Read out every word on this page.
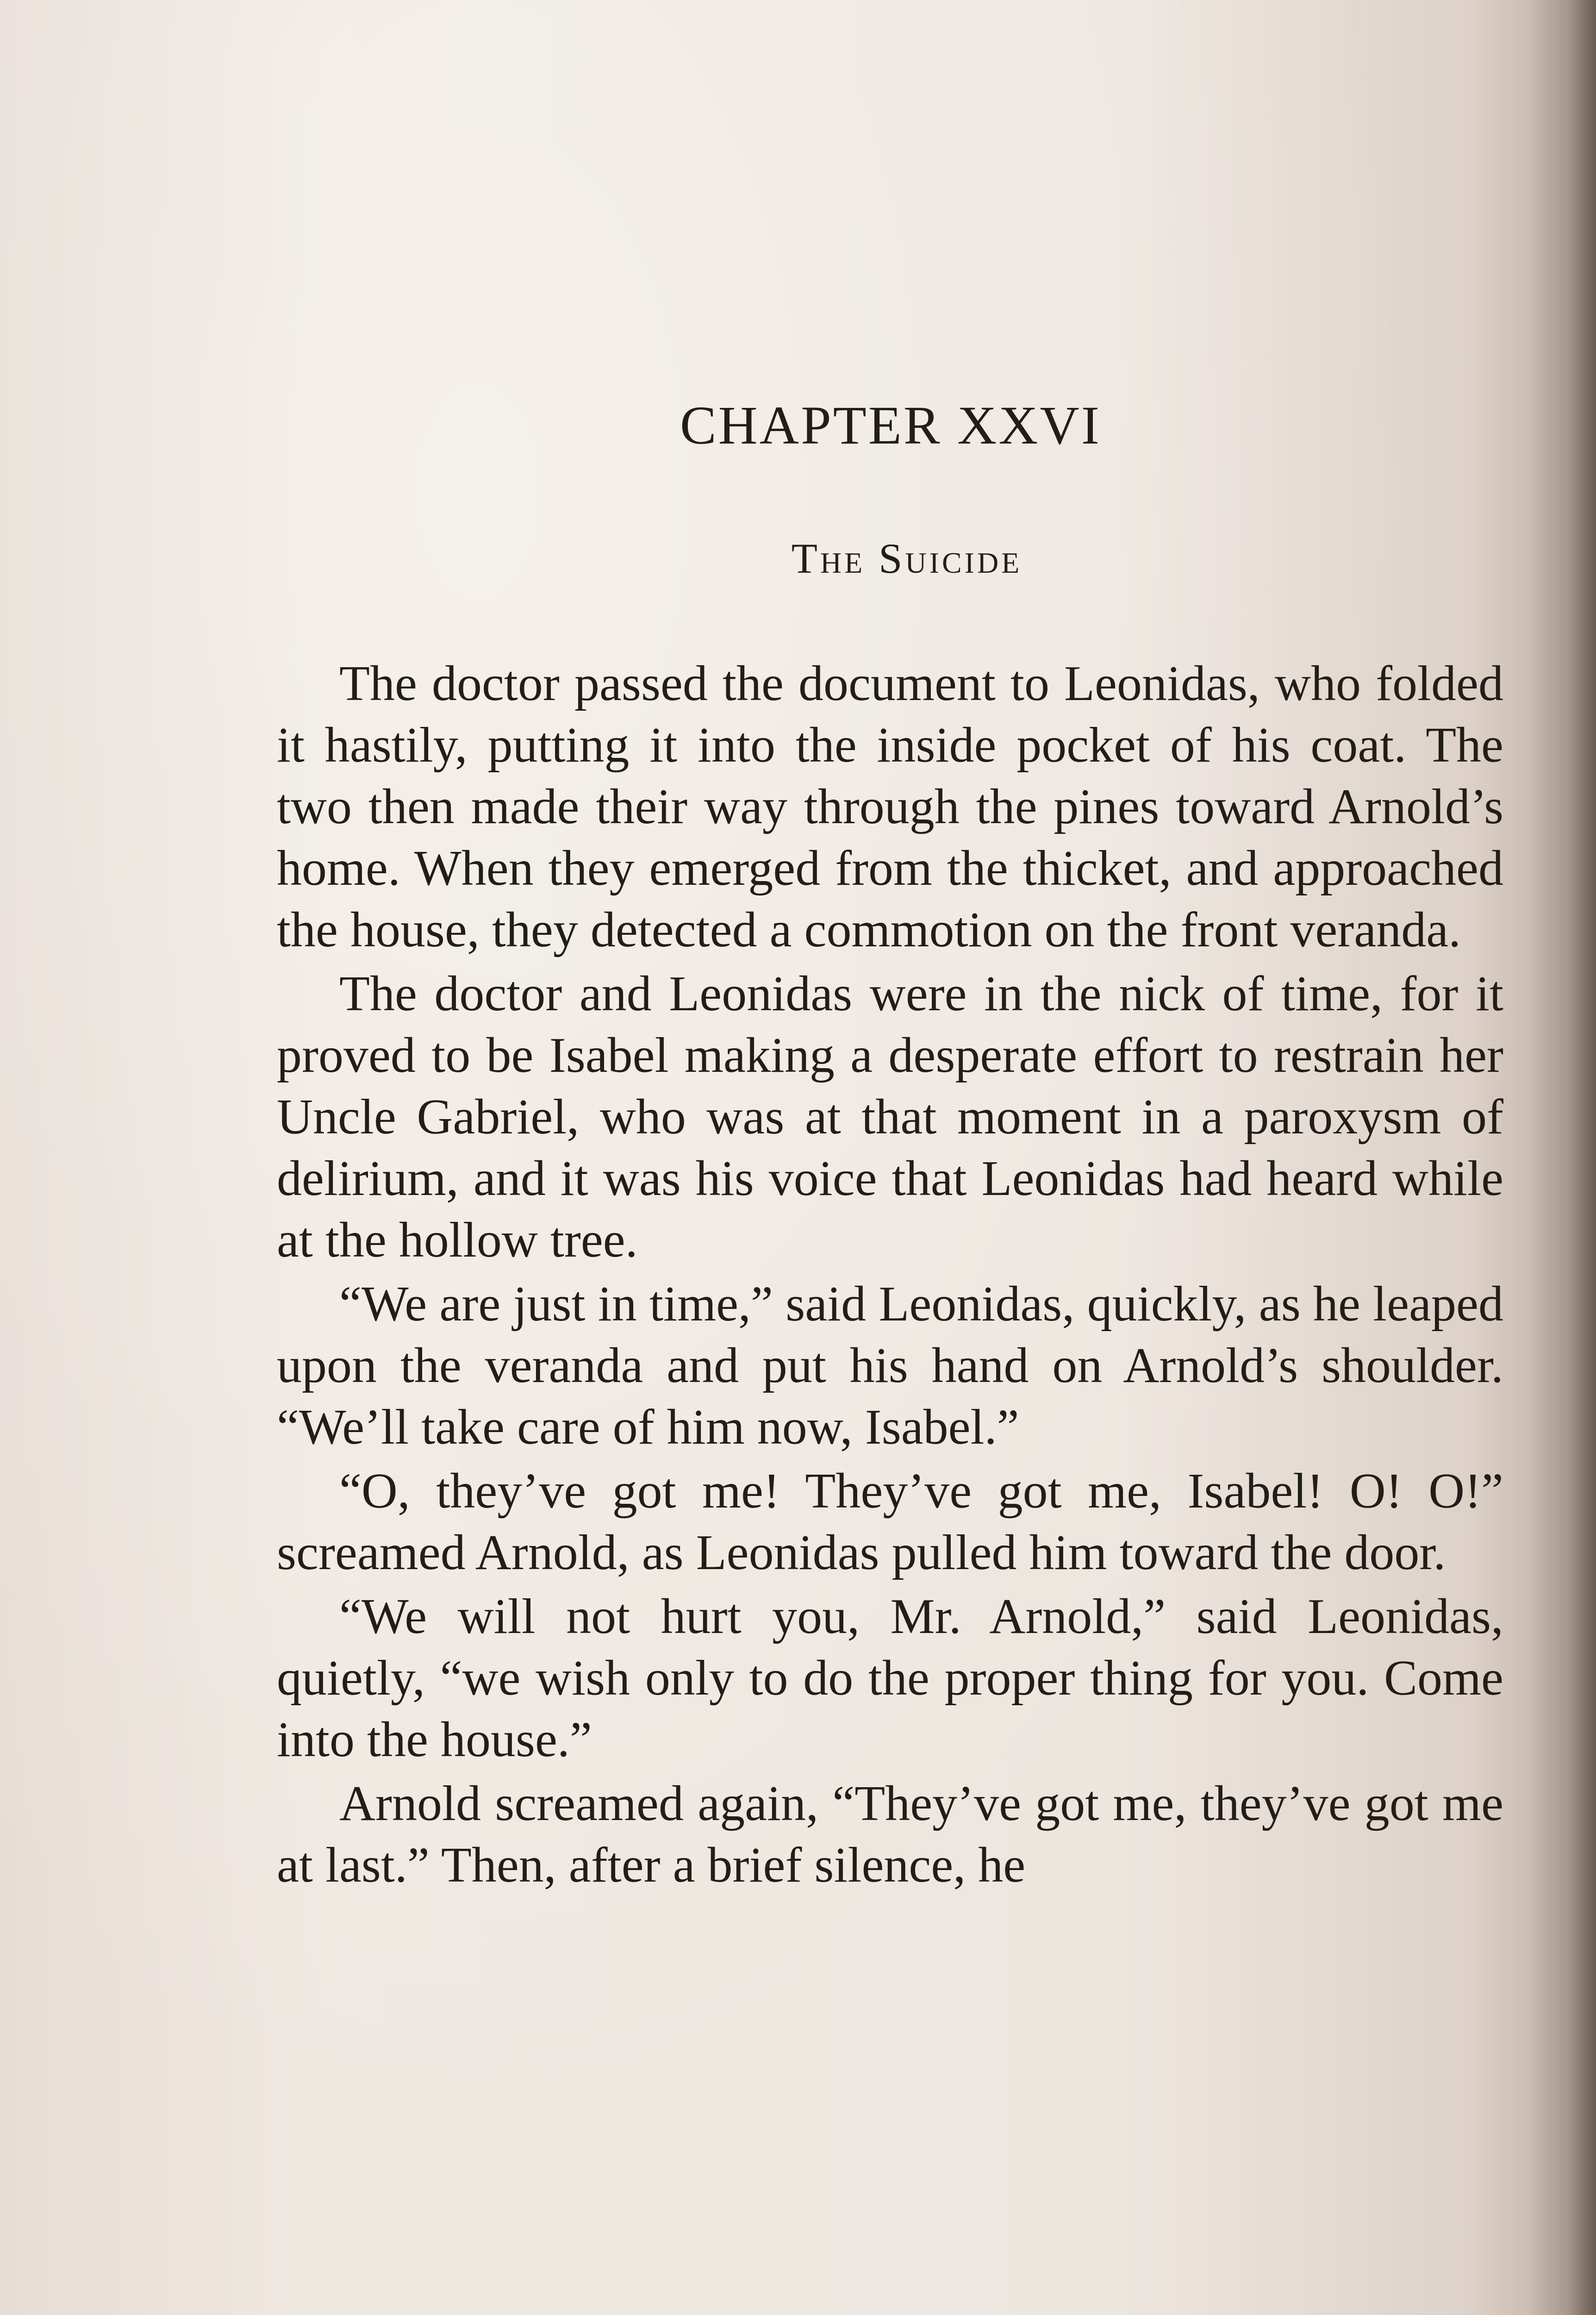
CHAPTER XXVI
The Suicide

The doctor passed the document to Leonidas, who folded it hastily, putting it into the inside pocket of his coat. The two then made their way through the pines toward Arnold’s home. When they emerged from the thicket, and approached the house, they detected a commotion on the front veranda.

The doctor and Leonidas were in the nick of time, for it proved to be Isabel making a desperate effort to restrain her Uncle Gabriel, who was at that moment in a paroxysm of delirium, and it was his voice that Leonidas had heard while at the hollow tree.

“We are just in time,” said Leonidas, quickly, as he leaped upon the veranda and put his hand on Arnold’s shoulder. “We’ll take care of him now, Isabel.”

“O, they’ve got me! They’ve got me, Isabel! O! O!” screamed Arnold, as Leonidas pulled him toward the door.

“We will not hurt you, Mr. Arnold,” said Leonidas, quietly, “we wish only to do the proper thing for you. Come into the house.”

Arnold screamed again, “They’ve got me, they’ve got me at last.” Then, after a brief silence, he
